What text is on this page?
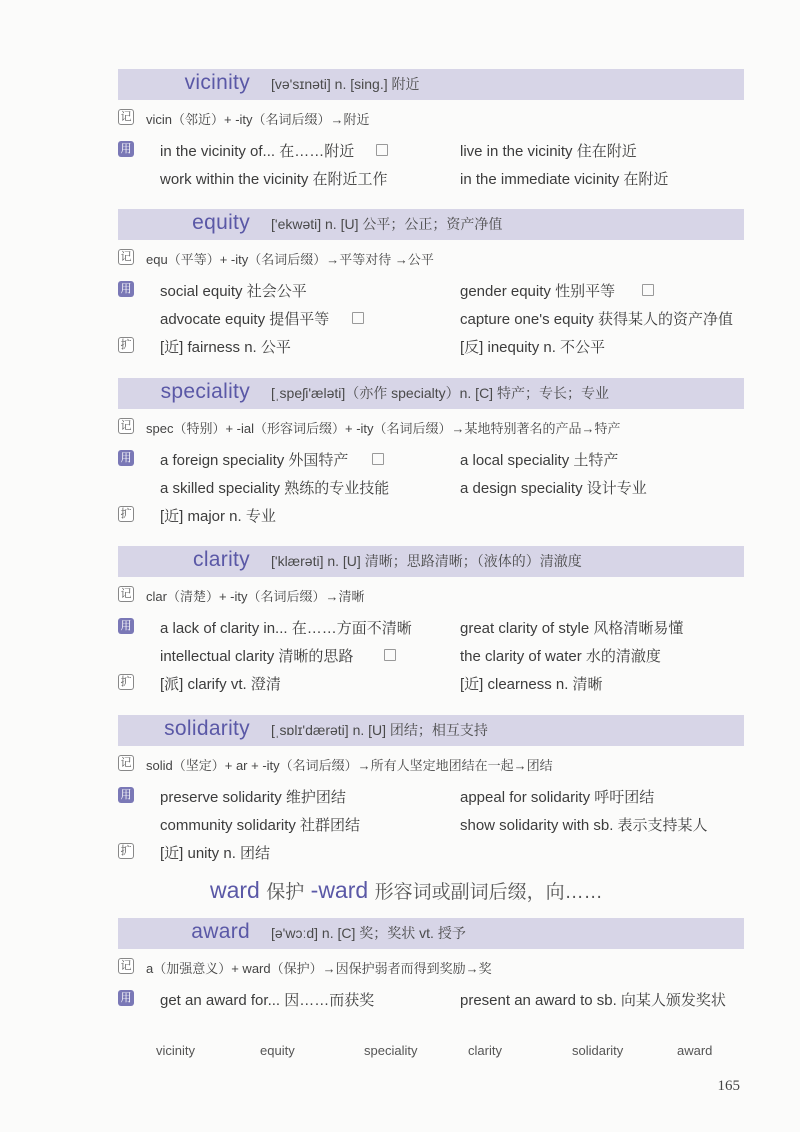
vicinity [və'sɪnəti] n. [sing.] 附近
记 vicin（邻近）+ -ity（名词后缀）→附近
用 in the vicinity of... 在……附近	live in the vicinity 住在附近
work within the vicinity 在附近工作	in the immediate vicinity 在附近
equity ['ekwəti] n. [U] 公平；公正；资产净值
记 equ（平等）+ -ity（名词后缀）→平等对待 →公平
用 social equity 社会公平	gender equity 性别平等
advocate equity 提倡平等	capture one's equity 获得某人的资产净值
扩 [近] fairness n. 公平	[反] inequity n. 不公平
speciality [ˌspeʃi'æləti]（亦作 specialty）n. [C] 特产；专长；专业
记 spec（特别）+ -ial（形容词后缀）+ -ity（名词后缀）→某地特别著名的产品→特产
用 a foreign speciality 外国特产	a local speciality 土特产
a skilled speciality 熟练的专业技能	a design speciality 设计专业
扩 [近] major n. 专业
clarity ['klærəti] n. [U] 清晰；思路清晰；（液体的）清澈度
记 clar（清楚）+ -ity（名词后缀）→清晰
用 a lack of clarity in... 在……方面不清晰	great clarity of style 风格清晰易懂
intellectual clarity 清晰的思路	the clarity of water 水的清澈度
扩 [派] clarify vt. 澄清	[近] clearness n. 清晰
solidarity [ˌsɒlɪ'dærəti] n. [U] 团结；相互支持
记 solid（坚定）+ ar + -ity（名词后缀）→所有人坚定地团结在一起→团结
用 preserve solidarity 维护团结	appeal for solidarity 呼吁团结
community solidarity 社群团结	show solidarity with sb. 表示支持某人
扩 [近] unity n. 团结
ward 保护 -ward 形容词或副词后缀，向……
award [ə'wɔːd] n. [C] 奖；奖状 vt. 授予
记 a（加强意义）+ ward（保护）→因保护弱者而得到奖励→奖
用 get an award for... 因……而获奖	present an award to sb. 向某人颁发奖状
vicinity	equity	speciality	clarity	solidarity	award
165
